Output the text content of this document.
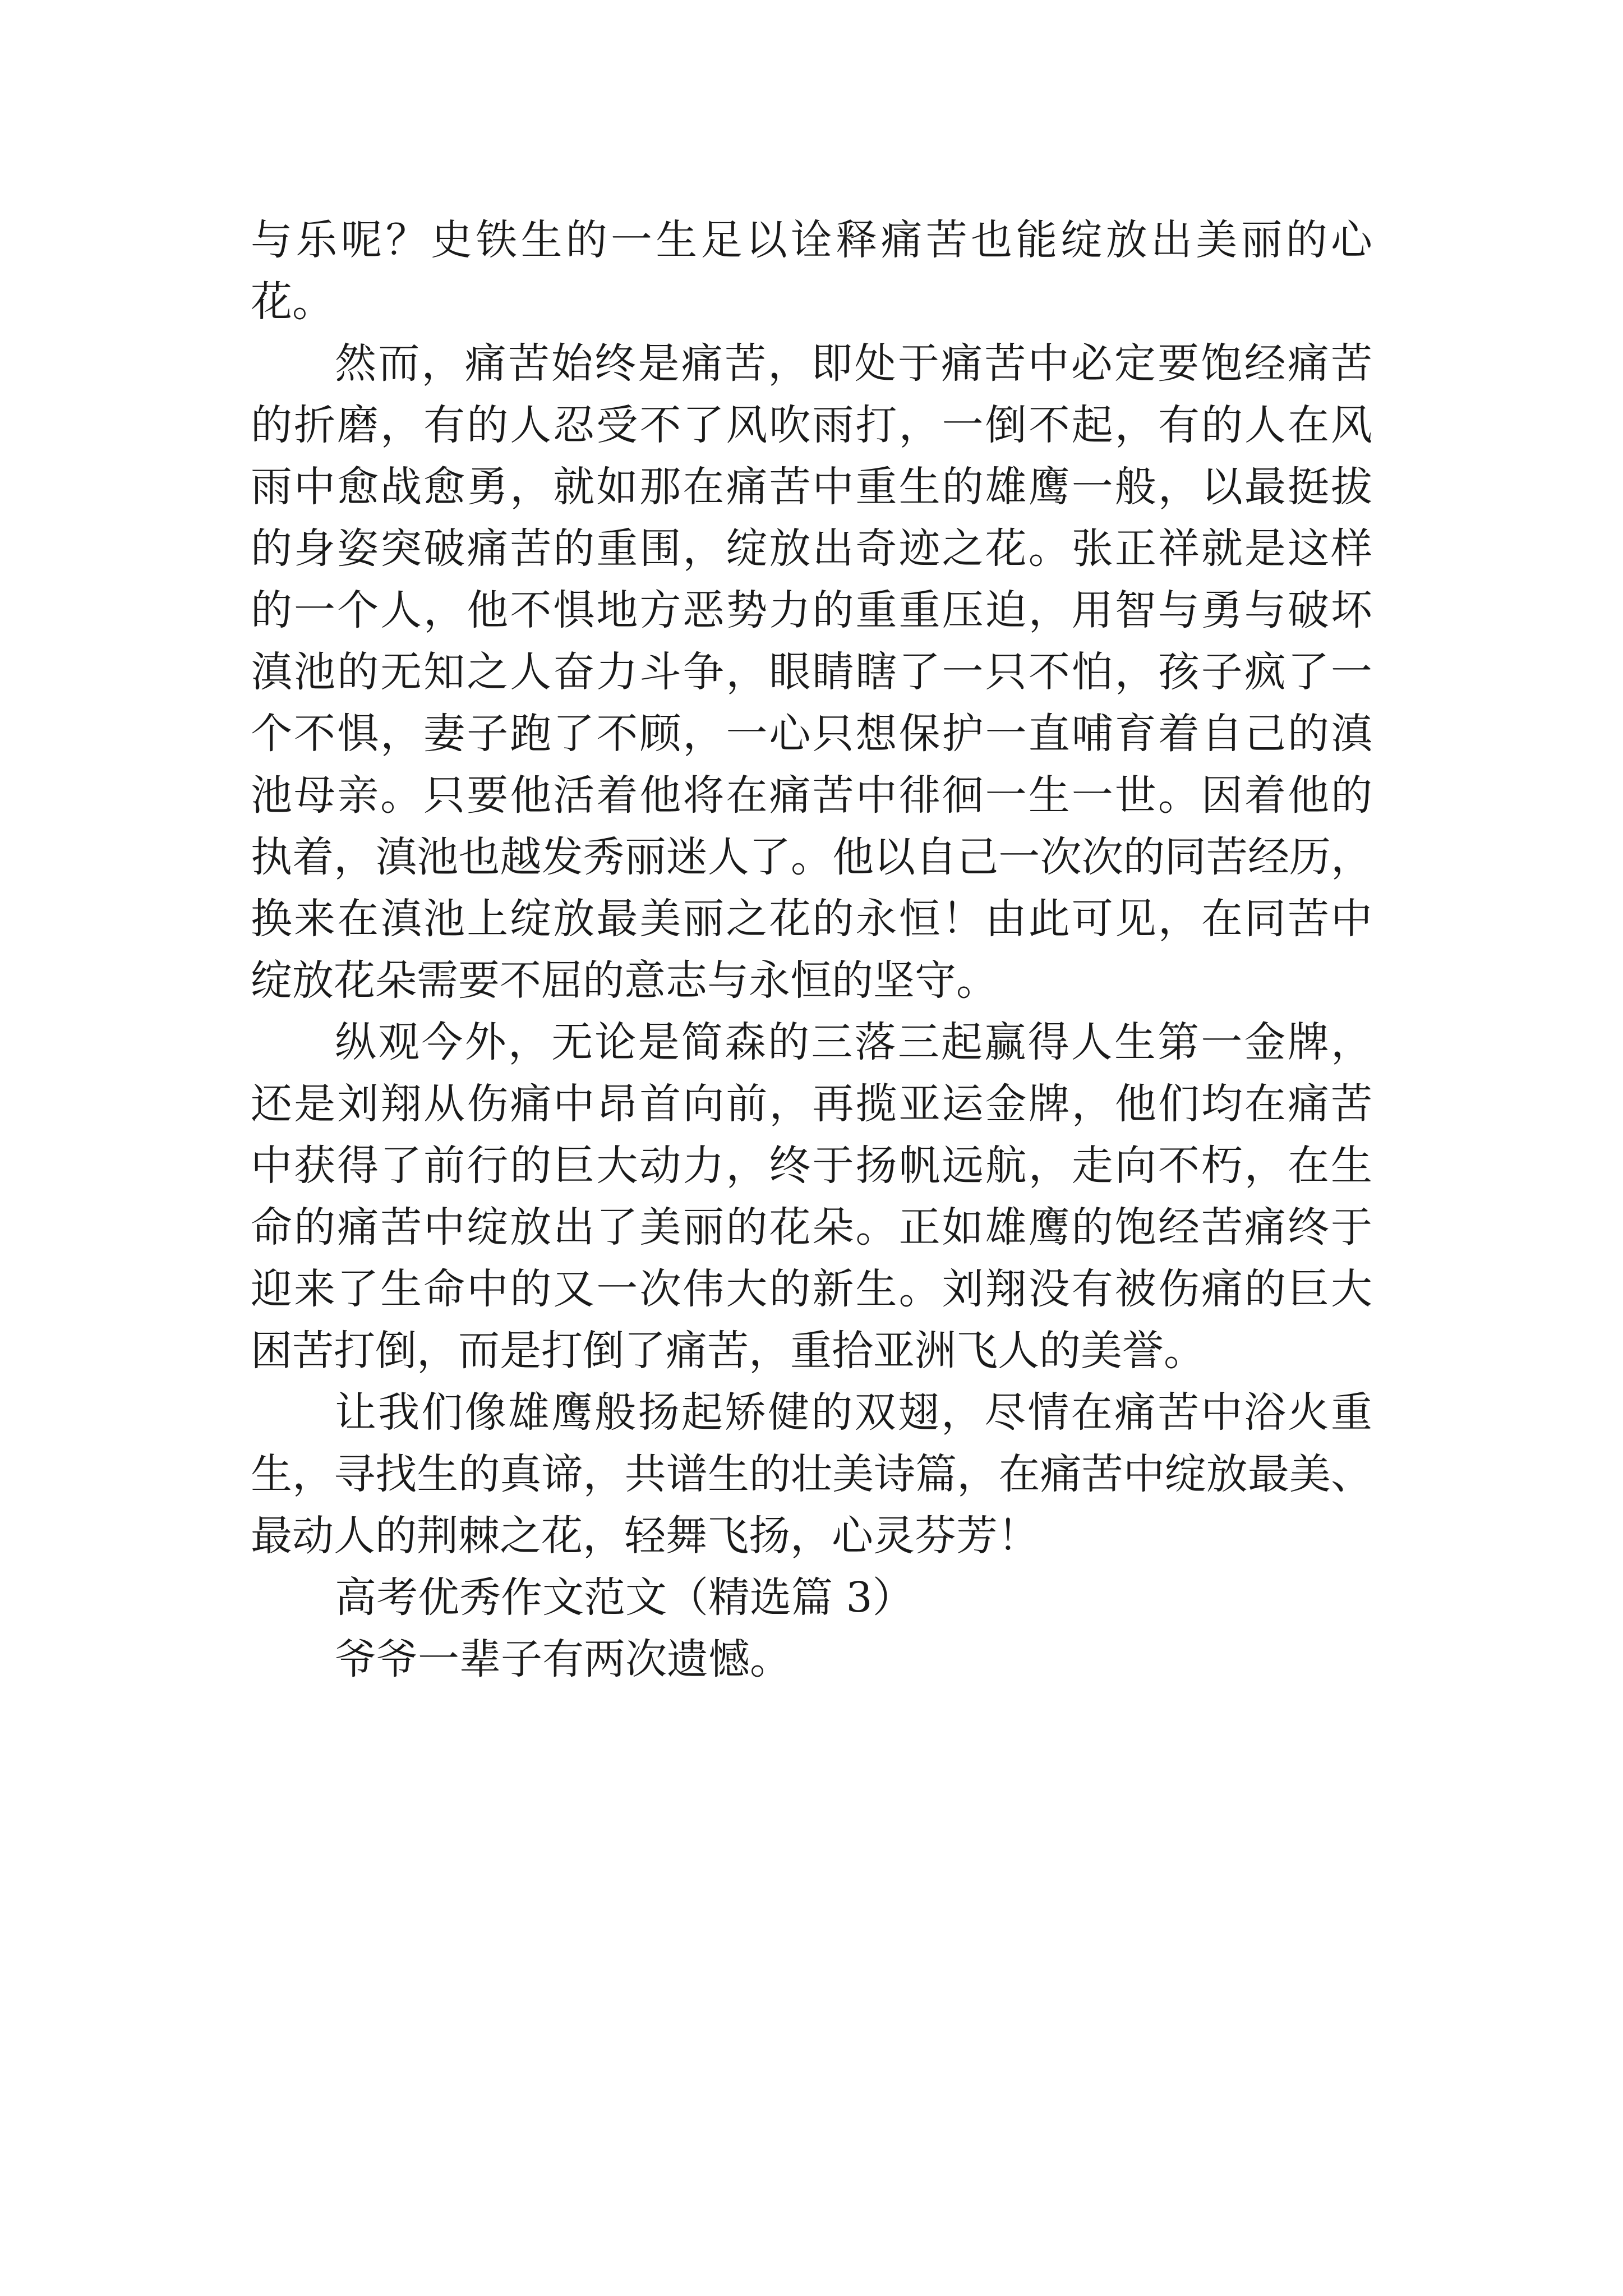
与乐呢？史铁生的一生足以诠释痛苦也能绽放出美丽的心
花。
然而，痛苦始终是痛苦，即处于痛苦中必定要饱经痛苦
的折磨，有的人忍受不了风吹雨打，一倒不起，有的人在风
雨中愈战愈勇，就如那在痛苦中重生的雄鹰一般，以最挺拔
的身姿突破痛苦的重围，绽放出奇迹之花。张正祥就是这样
的一个人，他不惧地方恶势力的重重压迫，用智与勇与破坏
滇池的无知之人奋力斗争，眼睛瞎了一只不怕，孩子疯了一
个不惧，妻子跑了不顾，一心只想保护一直哺育着自己的滇
池母亲。只要他活着他将在痛苦中徘徊一生一世。因着他的
执着，滇池也越发秀丽迷人了。他以自己一次次的同苦经历，
换来在滇池上绽放最美丽之花的永恒！由此可见，在同苦中
绽放花朵需要不屈的意志与永恒的坚守。
纵观今外，无论是简森的三落三起赢得人生第一金牌，
还是刘翔从伤痛中昂首向前，再揽亚运金牌，他们均在痛苦
中获得了前行的巨大动力，终于扬帆远航，走向不朽，在生
命的痛苦中绽放出了美丽的花朵。正如雄鹰的饱经苦痛终于
迎来了生命中的又一次伟大的新生。刘翔没有被伤痛的巨大
困苦打倒，而是打倒了痛苦，重拾亚洲飞人的美誉。
让我们像雄鹰般扬起矫健的双翅，尽情在痛苦中浴火重
生，寻找生的真谛，共谱生的壮美诗篇，在痛苦中绽放最美、
最动人的荆棘之花，轻舞飞扬，心灵芬芳！
高考优秀作文范文（精选篇 3）
爷爷一辈子有两次遗憾。
